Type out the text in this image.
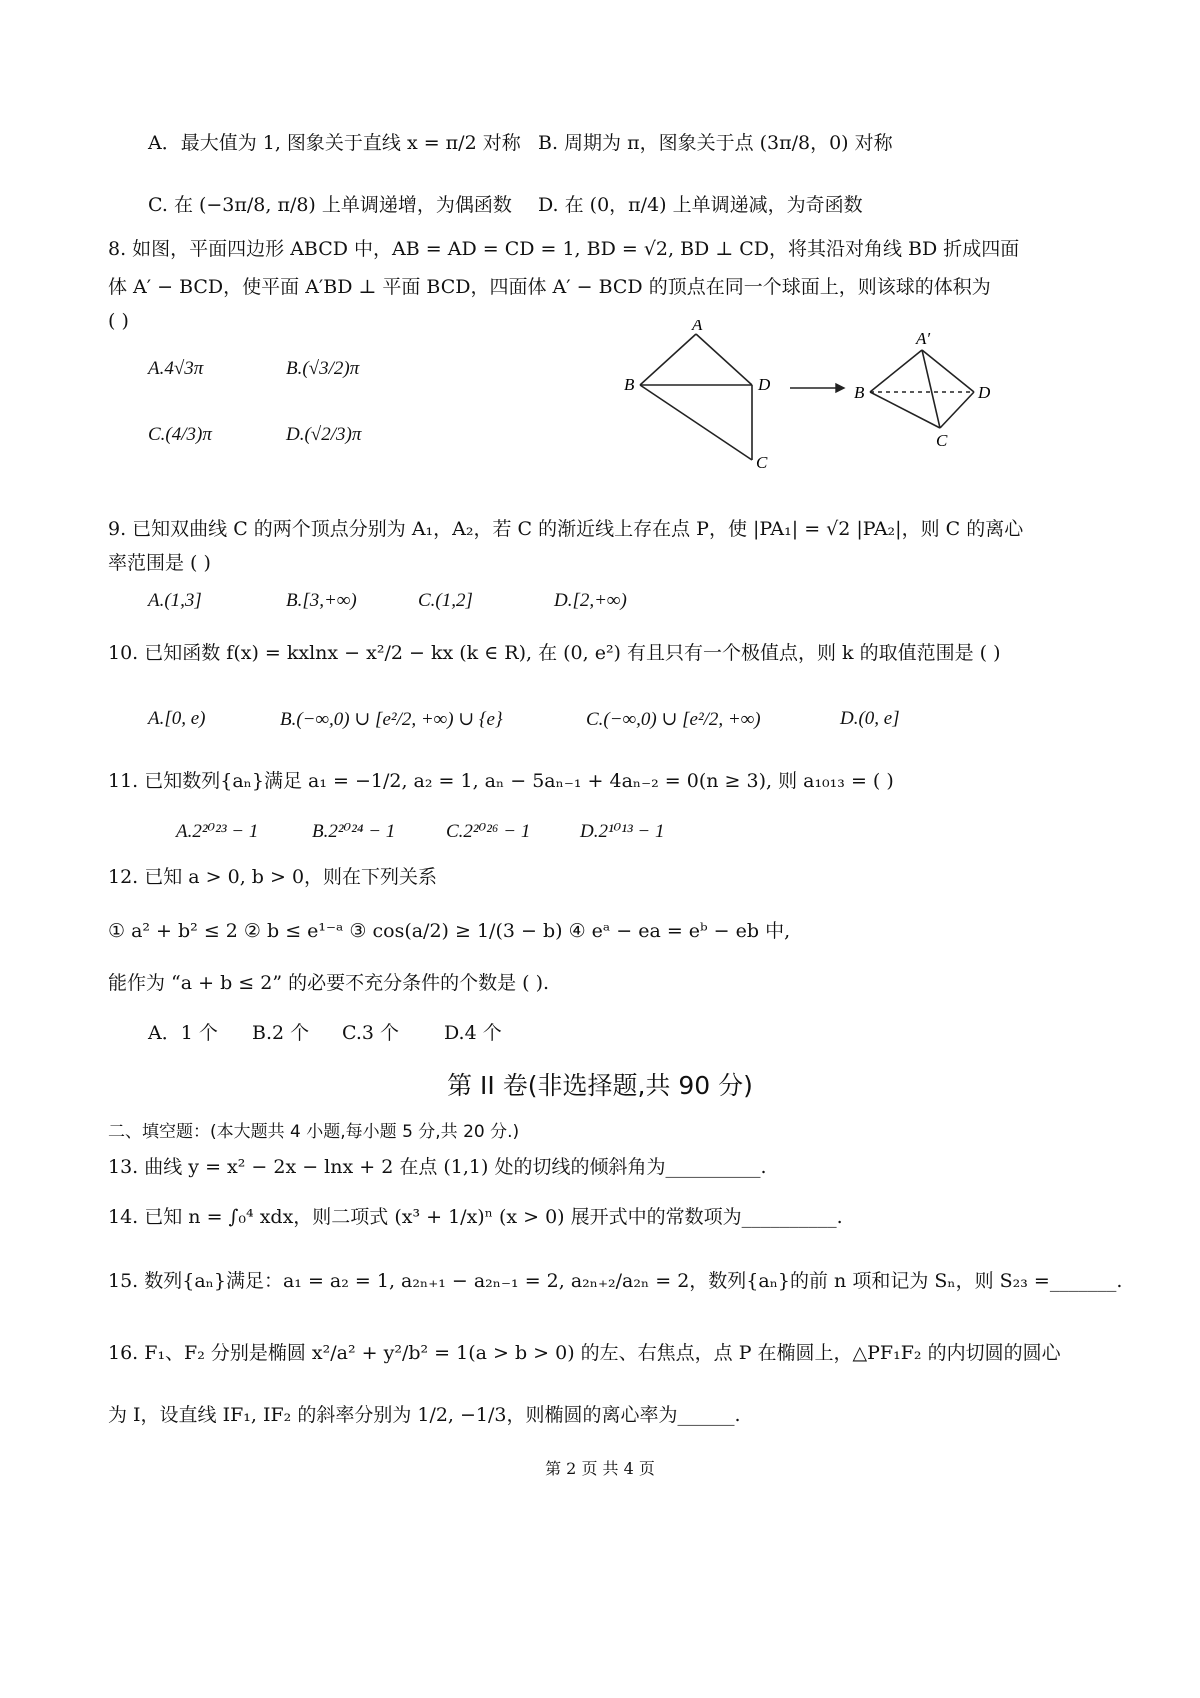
A．最大值为 1, 图象关于直线 x = π/2 对称 B. 周期为 π，图象关于点 (3π/8，0) 对称
C. 在 (−3π/8, π/8) 上单调递增，为偶函数 D. 在 (0，π/4) 上单调递减，为奇函数
8. 如图，平面四边形 ABCD 中，AB = AD = CD = 1, BD = √2, BD ⊥ CD，将其沿对角线 BD 折成四面
体 A′ − BCD，使平面 A′BD ⊥ 平面 BCD，四面体 A′ − BCD 的顶点在同一个球面上，则该球的体积为
( )
A.4√3π	B.(√3/2)π
C.(4/3)π	D.(√2/3)π
A
B	D
C
A′
B	D
C
9. 已知双曲线 C 的两个顶点分别为 A₁，A₂，若 C 的渐近线上存在点 P，使 |PA₁| = √2 |PA₂|，则 C 的离心
率范围是 ( )
A.(1,3]	B.[3,+∞)	C.(1,2]	D.[2,+∞)
10. 已知函数 f(x) = kxlnx − x²/2 − kx (k ∈ R), 在 (0, e²) 有且只有一个极值点，则 k 的取值范围是 ( )
A.[0, e)	B.(−∞,0) ∪ [e²/2, +∞) ∪ {e}	C.(−∞,0) ∪ [e²/2, +∞)	D.(0, e]
11. 已知数列{aₙ}满足 a₁ = −1/2, a₂ = 1, aₙ − 5aₙ₋₁ + 4aₙ₋₂ = 0(n ≥ 3), 则 a₁₀₁₃ = ( )
A.2²⁰²³ − 1	B.2²⁰²⁴ − 1	C.2²⁰²⁶ − 1	D.2¹⁰¹³ − 1
12. 已知 a > 0, b > 0，则在下列关系
① a² + b² ≤ 2 ② b ≤ e¹⁻ᵃ ③ cos(a/2) ≥ 1/(3 − b) ④ eᵃ − ea = eᵇ − eb 中,
能作为 “a + b ≤ 2” 的必要不充分条件的个数是 ( ).
A．1 个 B.2 个 C.3 个 D.4 个
第 II 卷(非选择题,共 90 分)
二、填空题：(本大题共 4 小题,每小题 5 分,共 20 分.)
13. 曲线 y = x² − 2x − lnx + 2 在点 (1,1) 处的切线的倾斜角为__________.
14. 已知 n = ∫₀⁴ xdx，则二项式 (x³ + 1/x)ⁿ (x > 0) 展开式中的常数项为__________.
15. 数列{aₙ}满足：a₁ = a₂ = 1, a₂ₙ₊₁ − a₂ₙ₋₁ = 2, a₂ₙ₊₂/a₂ₙ = 2，数列{aₙ}的前 n 项和记为 Sₙ，则 S₂₃ =_______.
16. F₁、F₂ 分别是椭圆 x²/a² + y²/b² = 1(a > b > 0) 的左、右焦点，点 P 在椭圆上，△PF₁F₂ 的内切圆的圆心
为 I，设直线 IF₁, IF₂ 的斜率分别为 1/2, −1/3，则椭圆的离心率为______.
第 2 页 共 4 页
